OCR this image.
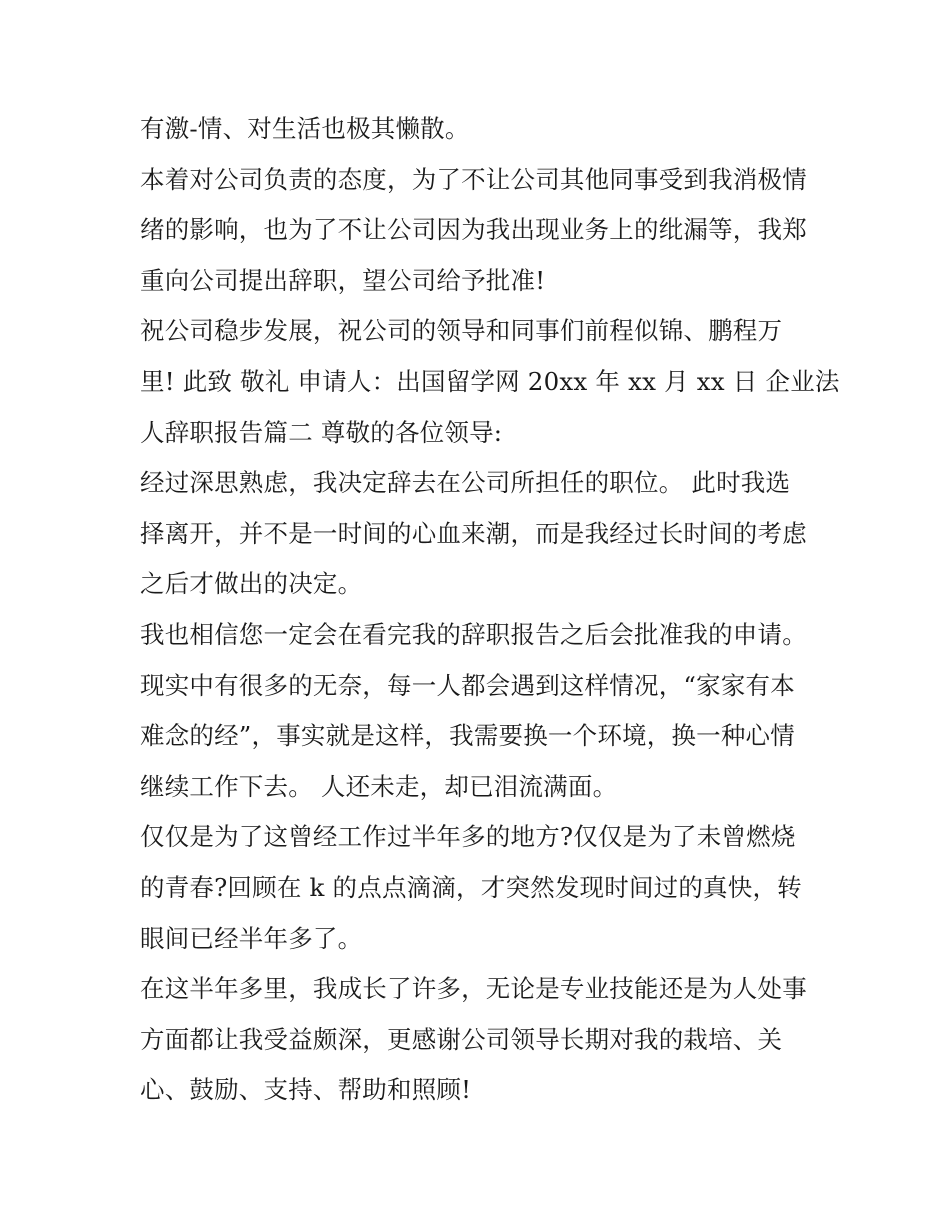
有激-情、对生活也极其懒散。
本着对公司负责的态度，为了不让公司其他同事受到我消极情
绪的影响，也为了不让公司因为我出现业务上的纰漏等，我郑
重向公司提出辞职，望公司给予批准!
祝公司稳步发展，祝公司的领导和同事们前程似锦、鹏程万
里! 此致 敬礼 申请人：出国留学网 20xx 年 xx 月 xx 日 企业法
人辞职报告篇二 尊敬的各位领导:
经过深思熟虑，我决定辞去在公司所担任的职位。 此时我选
择离开，并不是一时间的心血来潮，而是我经过长时间的考虑
之后才做出的决定。
我也相信您一定会在看完我的辞职报告之后会批准我的申请。
现实中有很多的无奈，每一人都会遇到这样情况，“家家有本
难念的经”，事实就是这样，我需要换一个环境，换一种心情
继续工作下去。 人还未走，却已泪流满面。
仅仅是为了这曾经工作过半年多的地方?仅仅是为了未曾燃烧
的青春?回顾在 k 的点点滴滴，才突然发现时间过的真快，转
眼间已经半年多了。
在这半年多里，我成长了许多，无论是专业技能还是为人处事
方面都让我受益颇深，更感谢公司领导长期对我的栽培、关
心、鼓励、支持、帮助和照顾!
